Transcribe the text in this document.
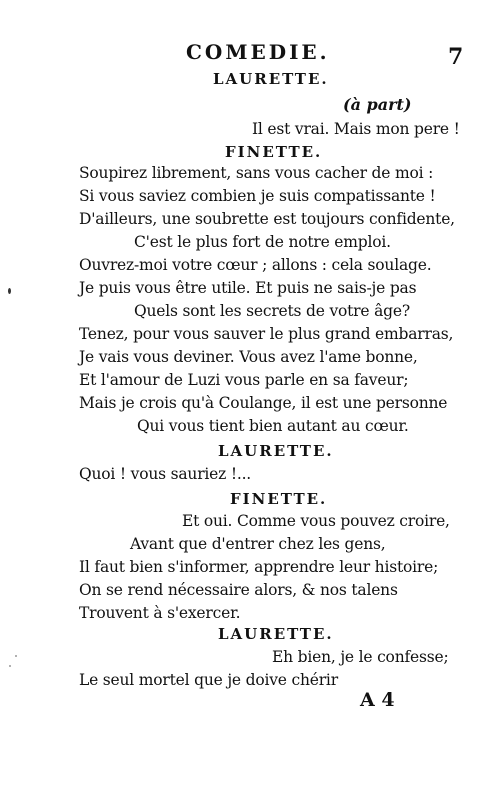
COMEDIE.	7
LAURETTE.
(à part)
Il est vrai. Mais mon pere !
FINETTE.
Soupirez librement, sans vous cacher de moi :
Si vous saviez combien je suis compatissante !
D'ailleurs, une soubrette est toujours confidente,
C'est le plus fort de notre emploi.
Ouvrez-moi votre cœur ; allons : cela soulage.
Je puis vous être utile. Et puis ne sais-je pas
Quels sont les secrets de votre âge?
Tenez, pour vous sauver le plus grand embarras,
Je vais vous deviner. Vous avez l'ame bonne,
Et l'amour de Luzi vous parle en sa faveur;
Mais je crois qu'à Coulange, il est une personne
Qui vous tient bien autant au cœur.
LAURETTE.
Quoi ! vous sauriez !...
FINETTE.
Et oui. Comme vous pouvez croire,
Avant que d'entrer chez les gens,
Il faut bien s'informer, apprendre leur histoire;
On se rend nécessaire alors, & nos talens
Trouvent à s'exercer.
LAURETTE.
Eh bien, je le confesse;
Le seul mortel que je doive chérir
A 4
